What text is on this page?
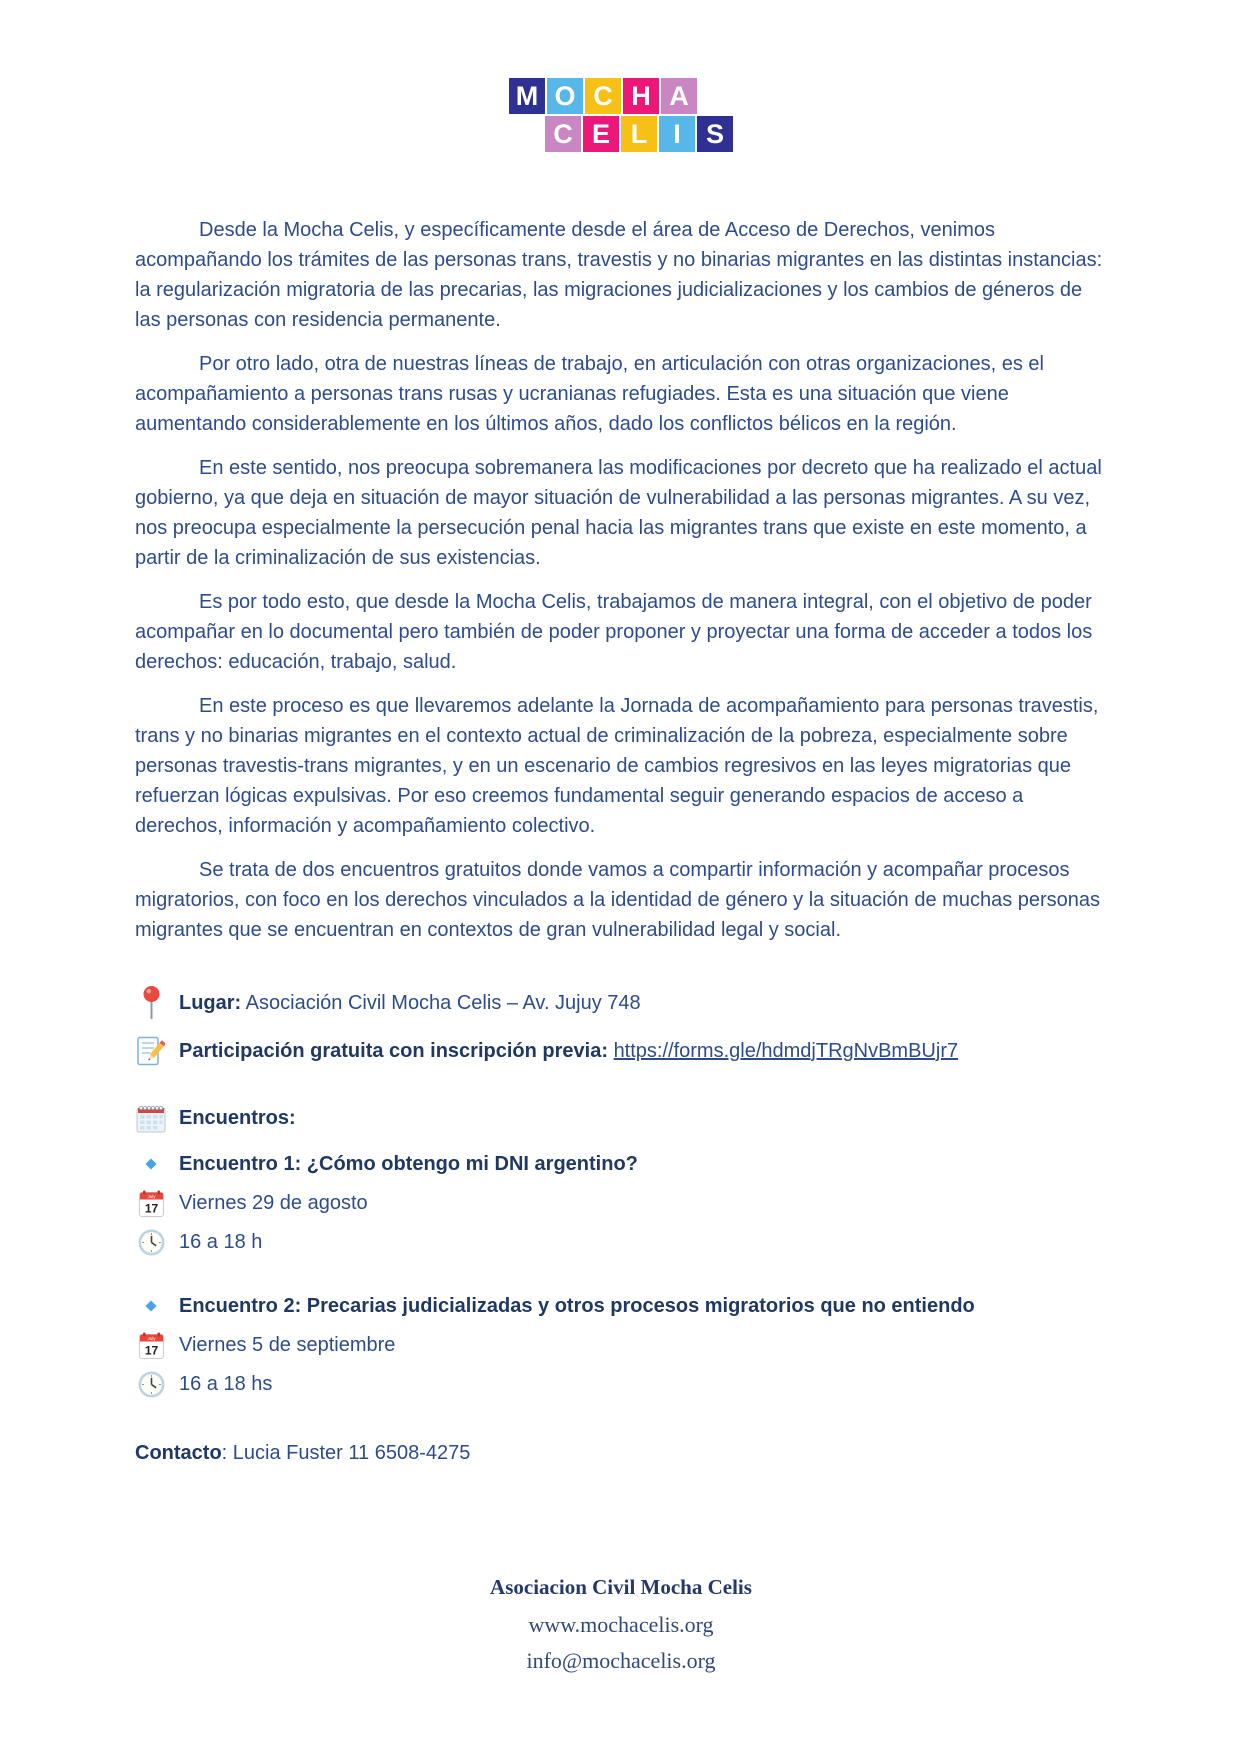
M O C H A
C E L I S

Desde la Mocha Celis, y específicamente desde el área de Acceso de Derechos, venimos acompañando los trámites de las personas trans, travestis y no binarias migrantes en las distintas instancias: la regularización migratoria de las precarias, las migraciones judicializaciones y los cambios de géneros de las personas con residencia permanente.

Por otro lado, otra de nuestras líneas de trabajo, en articulación con otras organizaciones, es el acompañamiento a personas trans rusas y ucranianas refugiades. Esta es una situación que viene aumentando considerablemente en los últimos años, dado los conflictos bélicos en la región.

En este sentido, nos preocupa sobremanera las modificaciones por decreto que ha realizado el actual gobierno, ya que deja en situación de mayor situación de vulnerabilidad a las personas migrantes. A su vez, nos preocupa especialmente la persecución penal hacia las migrantes trans que existe en este momento, a partir de la criminalización de sus existencias.

Es por todo esto, que desde la Mocha Celis, trabajamos de manera integral, con el objetivo de poder acompañar en lo documental pero también de poder proponer y proyectar una forma de acceder a todos los derechos: educación, trabajo, salud.

En este proceso es que llevaremos adelante la Jornada de acompañamiento para personas travestis, trans y no binarias migrantes en el contexto actual de criminalización de la pobreza, especialmente sobre personas travestis-trans migrantes, y en un escenario de cambios regresivos en las leyes migratorias que refuerzan lógicas expulsivas. Por eso creemos fundamental seguir generando espacios de acceso a derechos, información y acompañamiento colectivo.

Se trata de dos encuentros gratuitos donde vamos a compartir información y acompañar procesos migratorios, con foco en los derechos vinculados a la identidad de género y la situación de muchas personas migrantes que se encuentran en contextos de gran vulnerabilidad legal y social.

Lugar: Asociación Civil Mocha Celis – Av. Jujuy 748

Participación gratuita con inscripción previa: https://forms.gle/hdmdjTRgNvBmBUjr7

Encuentros:

Encuentro 1: ¿Cómo obtengo mi DNI argentino?

July
17 Viernes 29 de agosto

16 a 18 h

Encuentro 2: Precarias judicializadas y otros procesos migratorios que no entiendo

July
17 Viernes 5 de septiembre

16 a 18 hs

Contacto: Lucia Fuster 11 6508-4275

Asociacion Civil Mocha Celis
www.mochacelis.org
info@mochacelis.org
